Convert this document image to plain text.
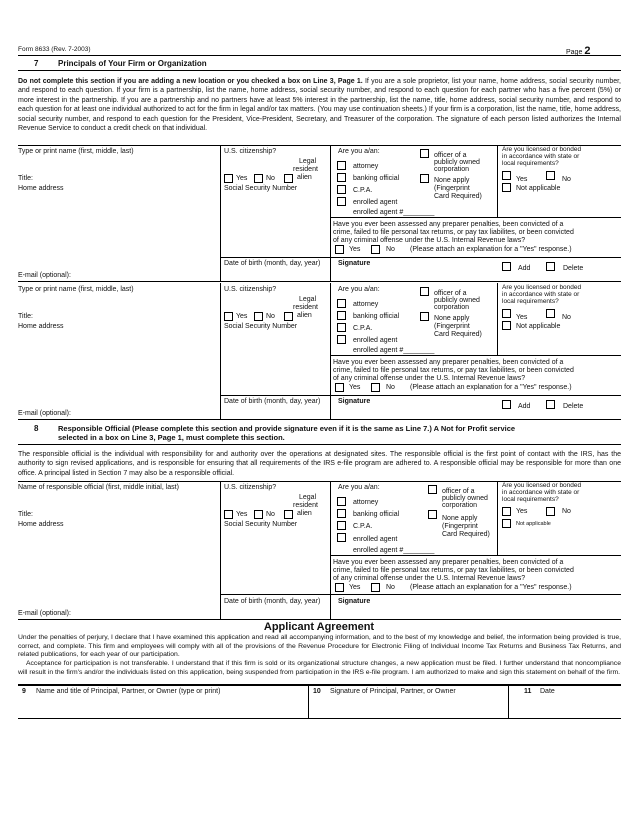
Form 8633 (Rev. 7-2003)	Page 2
7 Principals of Your Firm or Organization
Do not complete this section if you are adding a new location or you checked a box on Line 3, Page 1. If you are a sole proprietor, list your name, home address, social security number, and respond to each question. If your firm is a partnership, list the name, home address, social security number, and respond to each question for each partner who has a five percent (5%) or more interest in the partnership. If you are a partnership and no partners have at least 5% interest in the partnership, list the name, title, home address, social security number, and respond to each question for at least one individual authorized to act for the firm in legal and/or tax matters. (You may use continuation sheets.) If your firm is a corporation, list the name, title, home address, social security number, and respond to each question for the President, Vice-President, Secretary, and Treasurer of the corporation. The signature of each person listed authorizes the Internal Revenue Service to conduct a credit check on that individual.
Type or print name (first, middle, last)
Title:
Home address
E-mail (optional):
U.S. citizenship?
Legal
resident
alien
Yes	No
Social Security Number
Date of birth (month, day, year)
Are you a/an:
attorney
banking official
C.P.A.
enrolled agent
enrolled agent #________
officer of a
publicly owned
corporation
None apply
(Fingerprint
Card Required)
Are you licensed or bonded
in accordance with state or
local requirements?
Yes	No
Not applicable
Have you ever been assessed any preparer penalties, been convicted of a
crime, failed to file personal tax returns, or pay tax liabilites, or been convicted
of any criminal offense under the U.S. Internal Revenue laws?
Yes	No (Please attach an explanation for a "Yes" response.)
Signature
Add	Delete
Type or print name (first, middle, last)
Title:
Home address
E-mail (optional):
U.S. citizenship?
Legal
resident
alien
Yes	No
Social Security Number
Date of birth (month, day, year)
Are you a/an:
attorney
banking official
C.P.A.
enrolled agent
enrolled agent #________
officer of a
publicly owned
corporation
None apply
(Fingerprint
Card Required)
Are you licensed or bonded
in accordance with state or
local requirements?
Yes	No
Not applicable
Have you ever been assessed any preparer penalties, been convicted of a
crime, failed to file personal tax returns, or pay tax liabilites, or been convicted
of any criminal offense under the U.S. Internal Revenue laws?
Yes	No (Please attach an explanation for a "Yes" response.)
Signature
Add	Delete
8	Responsible Official (Please complete this section and provide signature even if it is the same as Line 7.) A Not for Profit service
selected in a box on Line 3, Page 1, must complete this section.
The responsible official is the individual with responsibility for and authority over the operations at designated sites. The responsible official is the first point of contact with the IRS, has the authority to sign revised applications, and is responsible for ensuring that all requirements of the IRS e-file program are adhered to. A responsible official may be responsible for more than one office. A principal listed in Section 7 may also be a responsible official.
Name of responsible official (first, middle initial, last)
Title:
Home address
E-mail (optional):
U.S. citizenship?
Legal
resident
alien
Yes	No
Social Security Number
Date of birth (month, day, year)
Are you a/an:
attorney
banking official
C.P.A.
enrolled agent
enrolled agent #________
officer of a
publicly owned
corporation
None apply
(Fingerprint
Card Required)
Are you licensed or bonded
in accordance with state or
local requirements?
Yes	No
Not applicable
Have you ever been assessed any preparer penalties, been convicted of a
crime, failed to file personal tax returns, or pay tax liabilites, or been convicted
of any criminal offense under the U.S. Internal Revenue laws?
Yes	No (Please attach an explanation for a "Yes" response.)
Signature
Applicant Agreement
Under the penalties of perjury, I declare that I have examined this application and read all accompanying information, and to the best of my knowledge and belief, the information being provided is true, correct, and complete. This firm and employees will comply with all of the provisions of the Revenue Procedure for Electronic Filing of Individual Income Tax Returns and Business Tax Returns, and related publications, for each year of our participation.
Acceptance for participation is not transferable. I understand that if this firm is sold or its organizational structure changes, a new application must be filed. I further understand that noncompliance will result in the firm's and/or the individuals listed on this application, being suspended from participation in the IRS e-file program. I am authorized to make and sign this statement on behalf of the firm.
9 Name and title of Principal, Partner, or Owner (type or print)	10 Signature of Principal, Partner, or Owner	11 Date
